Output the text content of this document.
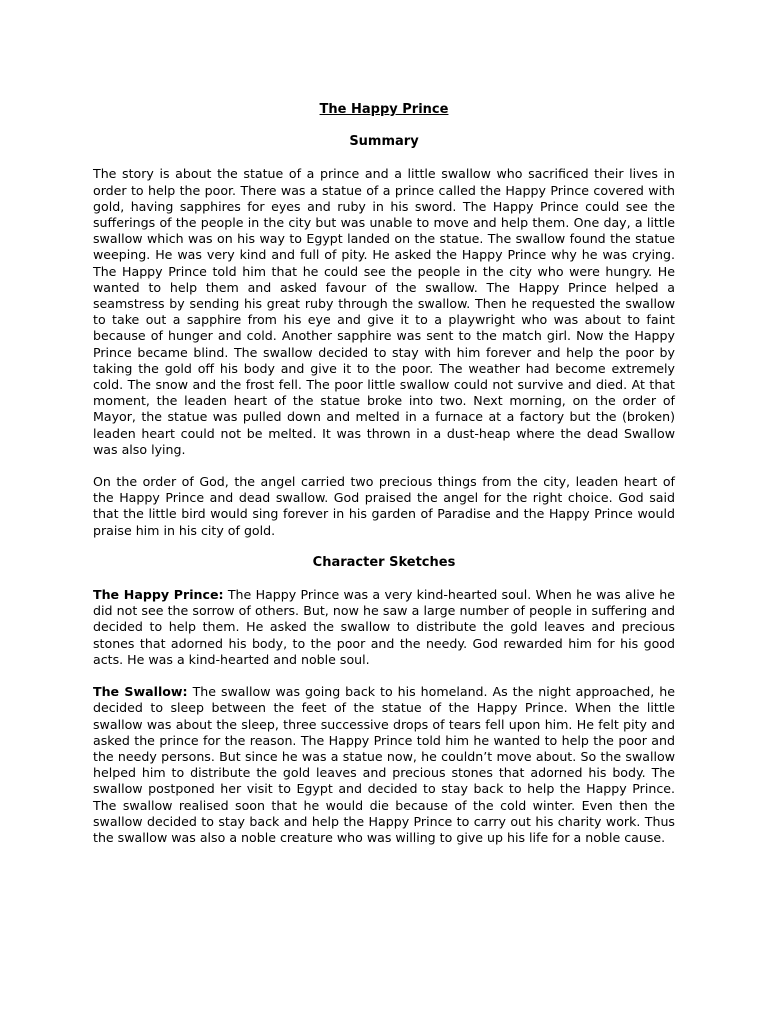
The Happy Prince
Summary

The story is about the statue of a prince and a little swallow who sacrificed their lives in order to help the poor. There was a statue of a prince called the Happy Prince covered with gold, having sapphires for eyes and ruby in his sword. The Happy Prince could see the sufferings of the people in the city but was unable to move and help them. One day, a little swallow which was on his way to Egypt landed on the statue. The swallow found the statue weeping. He was very kind and full of pity. He asked the Happy Prince why he was crying. The Happy Prince told him that he could see the people in the city who were hungry. He wanted to help them and asked favour of the swallow. The Happy Prince helped a seamstress by sending his great ruby through the swallow. Then he requested the swallow to take out a sapphire from his eye and give it to a playwright who was about to faint because of hunger and cold. Another sapphire was sent to the match girl. Now the Happy Prince became blind. The swallow decided to stay with him forever and help the poor by taking the gold off his body and give it to the poor. The weather had become extremely cold. The snow and the frost fell. The poor little swallow could not survive and died. At that moment, the leaden heart of the statue broke into two. Next morning, on the order of Mayor, the statue was pulled down and melted in a furnace at a factory but the (broken) leaden heart could not be melted. It was thrown in a dust-heap where the dead Swallow was also lying.

On the order of God, the angel carried two precious things from the city, leaden heart of the Happy Prince and dead swallow. God praised the angel for the right choice. God said that the little bird would sing forever in his garden of Paradise and the Happy Prince would praise him in his city of gold.

Character Sketches

The Happy Prince: The Happy Prince was a very kind-hearted soul. When he was alive he did not see the sorrow of others. But, now he saw a large number of people in suffering and decided to help them. He asked the swallow to distribute the gold leaves and precious stones that adorned his body, to the poor and the needy. God rewarded him for his good acts. He was a kind-hearted and noble soul.

The Swallow: The swallow was going back to his homeland. As the night approached, he decided to sleep between the feet of the statue of the Happy Prince. When the little swallow was about the sleep, three successive drops of tears fell upon him. He felt pity and asked the prince for the reason. The Happy Prince told him he wanted to help the poor and the needy persons. But since he was a statue now, he couldn’t move about. So the swallow helped him to distribute the gold leaves and precious stones that adorned his body. The swallow postponed her visit to Egypt and decided to stay back to help the Happy Prince. The swallow realised soon that he would die because of the cold winter. Even then the swallow decided to stay back and help the Happy Prince to carry out his charity work. Thus the swallow was also a noble creature who was willing to give up his life for a noble cause.
